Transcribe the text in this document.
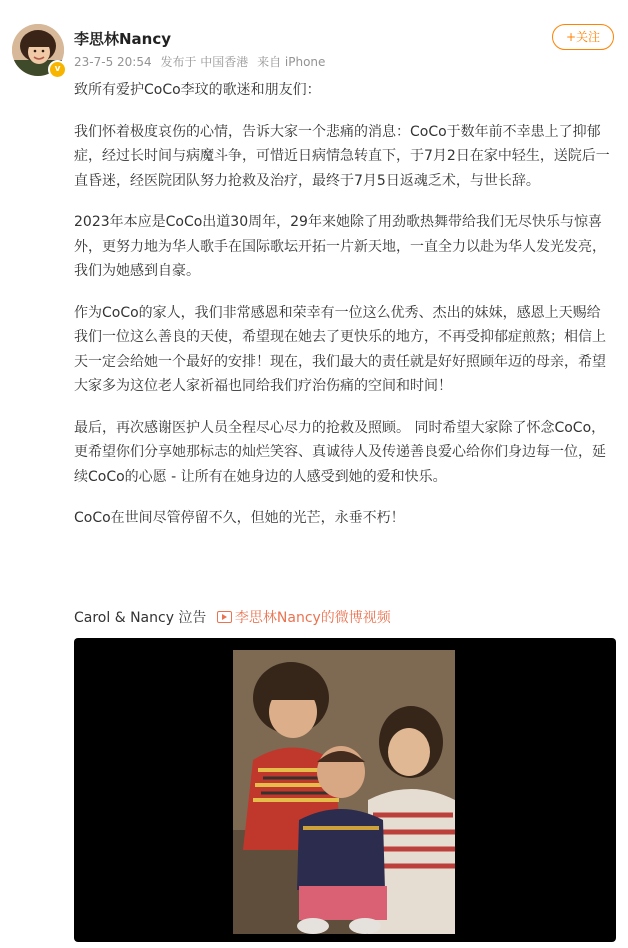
v
李思林Nancy
23-7-5 20:54 发布于 中国香港 来自 iPhone
+关注

致所有爱护CoCo李玟的歌迷和朋友们：

我们怀着极度哀伤的心情，告诉大家一个悲痛的消息：CoCo于数年前不幸患上了抑郁症，经过长时间与病魔斗争，可惜近日病情急转直下，于7月2日在家中轻生，送院后一直昏迷，经医院团队努力抢救及治疗，最终于7月5日返魂乏术，与世长辞。

2023年本应是CoCo出道30周年，29年来她除了用劲歌热舞带给我们无尽快乐与惊喜外，更努力地为华人歌手在国际歌坛开拓一片新天地，一直全力以赴为华人发光发亮，我们为她感到自豪。

作为CoCo的家人，我们非常感恩和荣幸有一位这么优秀、杰出的妹妹，感恩上天赐给我们一位这么善良的天使，希望现在她去了更快乐的地方，不再受抑郁症煎熬；相信上天一定会给她一个最好的安排！现在，我们最大的责任就是好好照顾年迈的母亲，希望大家多为这位老人家祈福也同给我们疗治伤痛的空间和时间！

最后，再次感谢医护人员全程尽心尽力的抢救及照顾。 同时希望大家除了怀念CoCo，更希望你们分享她那标志的灿烂笑容、真诚待人及传递善良爱心给你们身边每一位，延续CoCo的心愿 - 让所有在她身边的人感受到她的爱和快乐。

CoCo在世间尽管停留不久，但她的光芒，永垂不朽！

Carol & Nancy 泣告 李思林Nancy的微博视频
